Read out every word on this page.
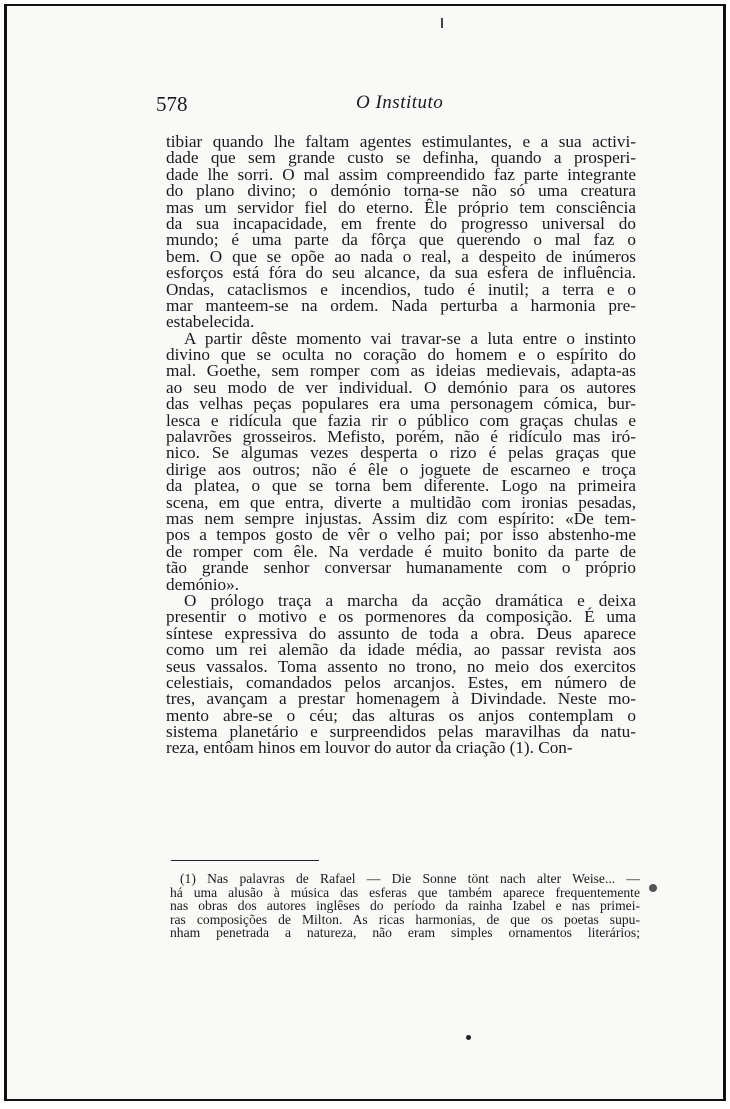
578	O Instituto
tibiar quando lhe faltam agentes estimulantes, e a sua activi-
dade que sem grande custo se definha, quando a prosperi-
dade lhe sorri. O mal assim compreendido faz parte integrante
do plano divino; o demónio torna-se não só uma creatura
mas um servidor fiel do eterno. Êle próprio tem consciência
da sua incapacidade, em frente do progresso universal do
mundo; é uma parte da fôrça que querendo o mal faz o
bem. O que se opõe ao nada o real, a despeito de inúmeros
esforços está fóra do seu alcance, da sua esfera de influência.
Ondas, cataclismos e incendios, tudo é inutil; a terra e o
mar manteem-se na ordem. Nada perturba a harmonia pre-
estabelecida.
A partir dêste momento vai travar-se a luta entre o instinto
divino que se oculta no coração do homem e o espírito do
mal. Goethe, sem romper com as ideias medievais, adapta-as
ao seu modo de ver individual. O demónio para os autores
das velhas peças populares era uma personagem cómica, bur-
lesca e ridícula que fazia rir o público com graças chulas e
palavrões grosseiros. Mefisto, porém, não é ridículo mas iró-
nico. Se algumas vezes desperta o rizo é pelas graças que
dirige aos outros; não é êle o joguete de escarneo e troça
da platea, o que se torna bem diferente. Logo na primeira
scena, em que entra, diverte a multidão com ironias pesadas,
mas nem sempre injustas. Assim diz com espírito: «De tem-
pos a tempos gosto de vêr o velho pai; por isso abstenho-me
de romper com êle. Na verdade é muito bonito da parte de
tão grande senhor conversar humanamente com o próprio
demónio».
O prólogo traça a marcha da acção dramática e deixa
presentir o motivo e os pormenores da composição. É uma
síntese expressiva do assunto de toda a obra. Deus aparece
como um rei alemão da idade média, ao passar revista aos
seus vassalos. Toma assento no trono, no meio dos exercitos
celestiais, comandados pelos arcanjos. Estes, em número de
tres, avançam a prestar homenagem à Divindade. Neste mo-
mento abre-se o céu; das alturas os anjos contemplam o
sistema planetário e surpreendidos pelas maravilhas da natu-
reza, entôam hinos em louvor do autor da criação (1). Con-
(1) Nas palavras de Rafael — Die Sonne tönt nach alter Weise... —
há uma alusão à música das esferas que também aparece frequentemente
nas obras dos autores inglêses do período da rainha Izabel e nas primei-
ras composições de Milton. As ricas harmonias, de que os poetas supu-
nham penetrada a natureza, não eram simples ornamentos literários;
